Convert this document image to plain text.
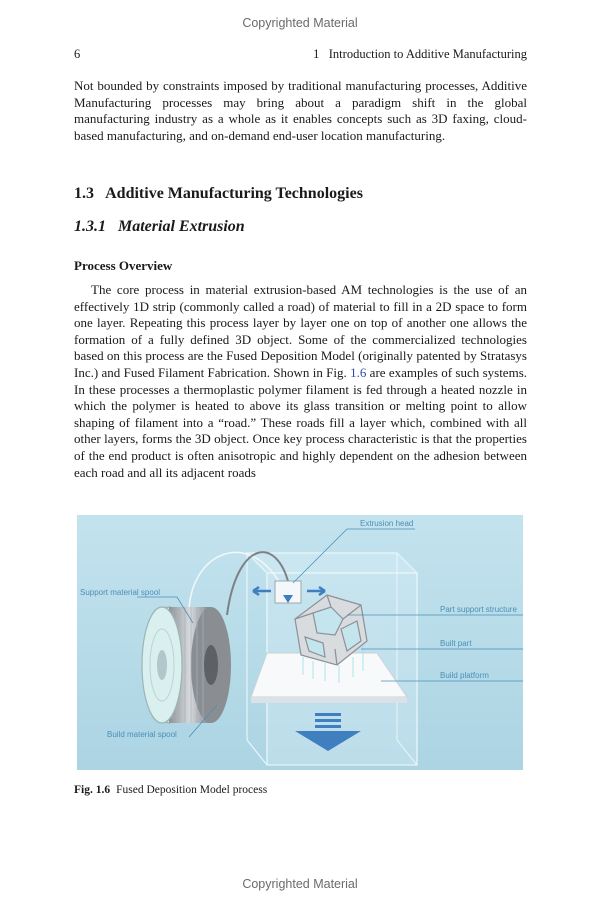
Copyrighted Material
6	1   Introduction to Additive Manufacturing
Not bounded by constraints imposed by traditional manufacturing processes, Additive Manufacturing processes may bring about a paradigm shift in the global manufacturing industry as a whole as it enables concepts such as 3D faxing, cloud-based manufacturing, and on-demand end-user location manufacturing.
1.3   Additive Manufacturing Technologies
1.3.1   Material Extrusion
Process Overview
The core process in material extrusion-based AM technologies is the use of an effectively 1D strip (commonly called a road) of material to fill in a 2D space to form one layer. Repeating this process layer by layer one on top of another one allows the formation of a fully defined 3D object. Some of the commercialized technologies based on this process are the Fused Deposition Model (originally patented by Stratasys Inc.) and Fused Filament Fabrication. Shown in Fig. 1.6 are examples of such systems. In these processes a thermoplastic polymer filament is fed through a heated nozzle in which the polymer is heated to above its glass transition or melting point to allow shaping of filament into a “road.” These roads fill a layer which, combined with all other layers, forms the 3D object. Once key process characteristic is that the properties of the end product is often anisotropic and highly dependent on the adhesion between each road and all its adjacent roads
Extrusion head
Support material spool
Part support structure
Built part
Build platform
Build material spool
Fig. 1.6 Fused Deposition Model process
Copyrighted Material
